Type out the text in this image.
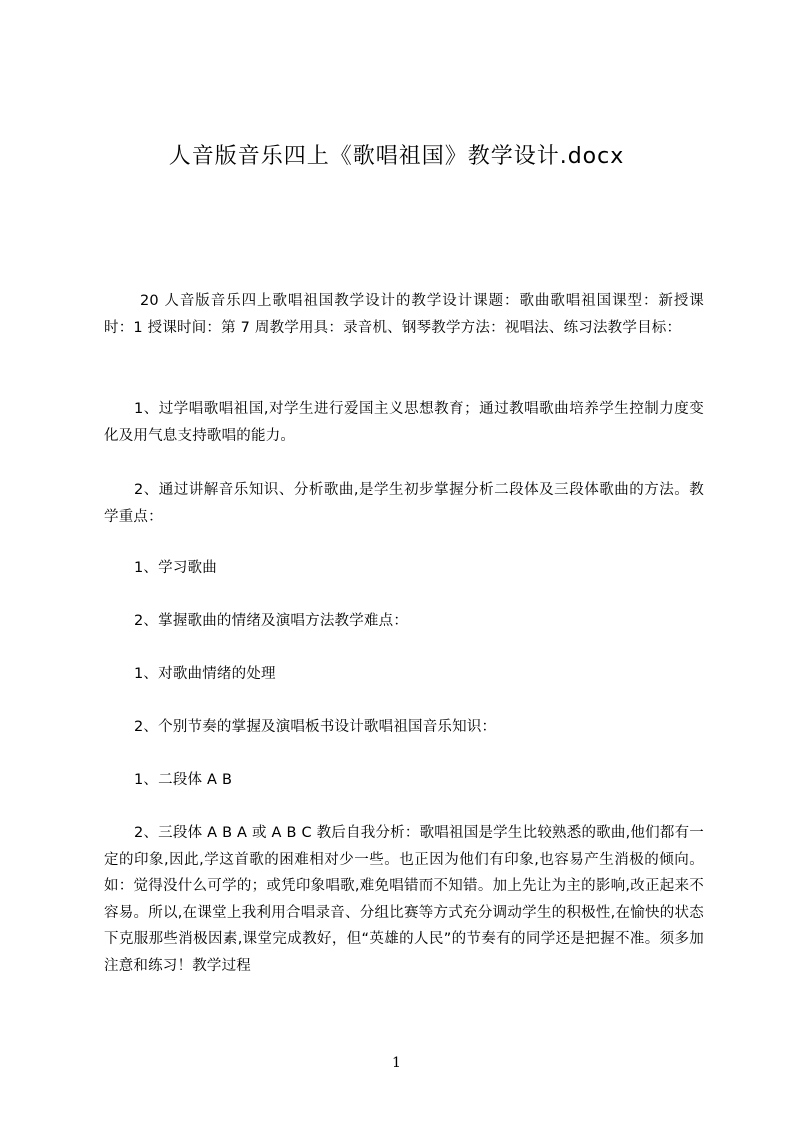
人音版音乐四上《歌唱祖国》教学设计.docx

20 人音版音乐四上歌唱祖国教学设计的教学设计课题：歌曲歌唱祖国课型：新授课时：1 授课时间：第 7 周教学用具：录音机、钢琴教学方法：视唱法、练习法教学目标：

1、过学唱歌唱祖国,对学生进行爱国主义思想教育；通过教唱歌曲培养学生控制力度变化及用气息支持歌唱的能力。

2、通过讲解音乐知识、分析歌曲,是学生初步掌握分析二段体及三段体歌曲的方法。教学重点：

1、学习歌曲

2、掌握歌曲的情绪及演唱方法教学难点：

1、对歌曲情绪的处理

2、个别节奏的掌握及演唱板书设计歌唱祖国音乐知识：

1、二段体 A B

2、三段体 A B A 或 A B C 教后自我分析：歌唱祖国是学生比较熟悉的歌曲,他们都有一定的印象,因此,学这首歌的困难相对少一些。也正因为他们有印象,也容易产生消极的倾向。如：觉得没什么可学的；或凭印象唱歌,难免唱错而不知错。加上先让为主的影响,改正起来不容易。所以,在课堂上我利用合唱录音、分组比赛等方式充分调动学生的积极性,在愉快的状态下克服那些消极因素,课堂完成教好，但“英雄的人民”的节奏有的同学还是把握不准。须多加注意和练习！教学过程

1
